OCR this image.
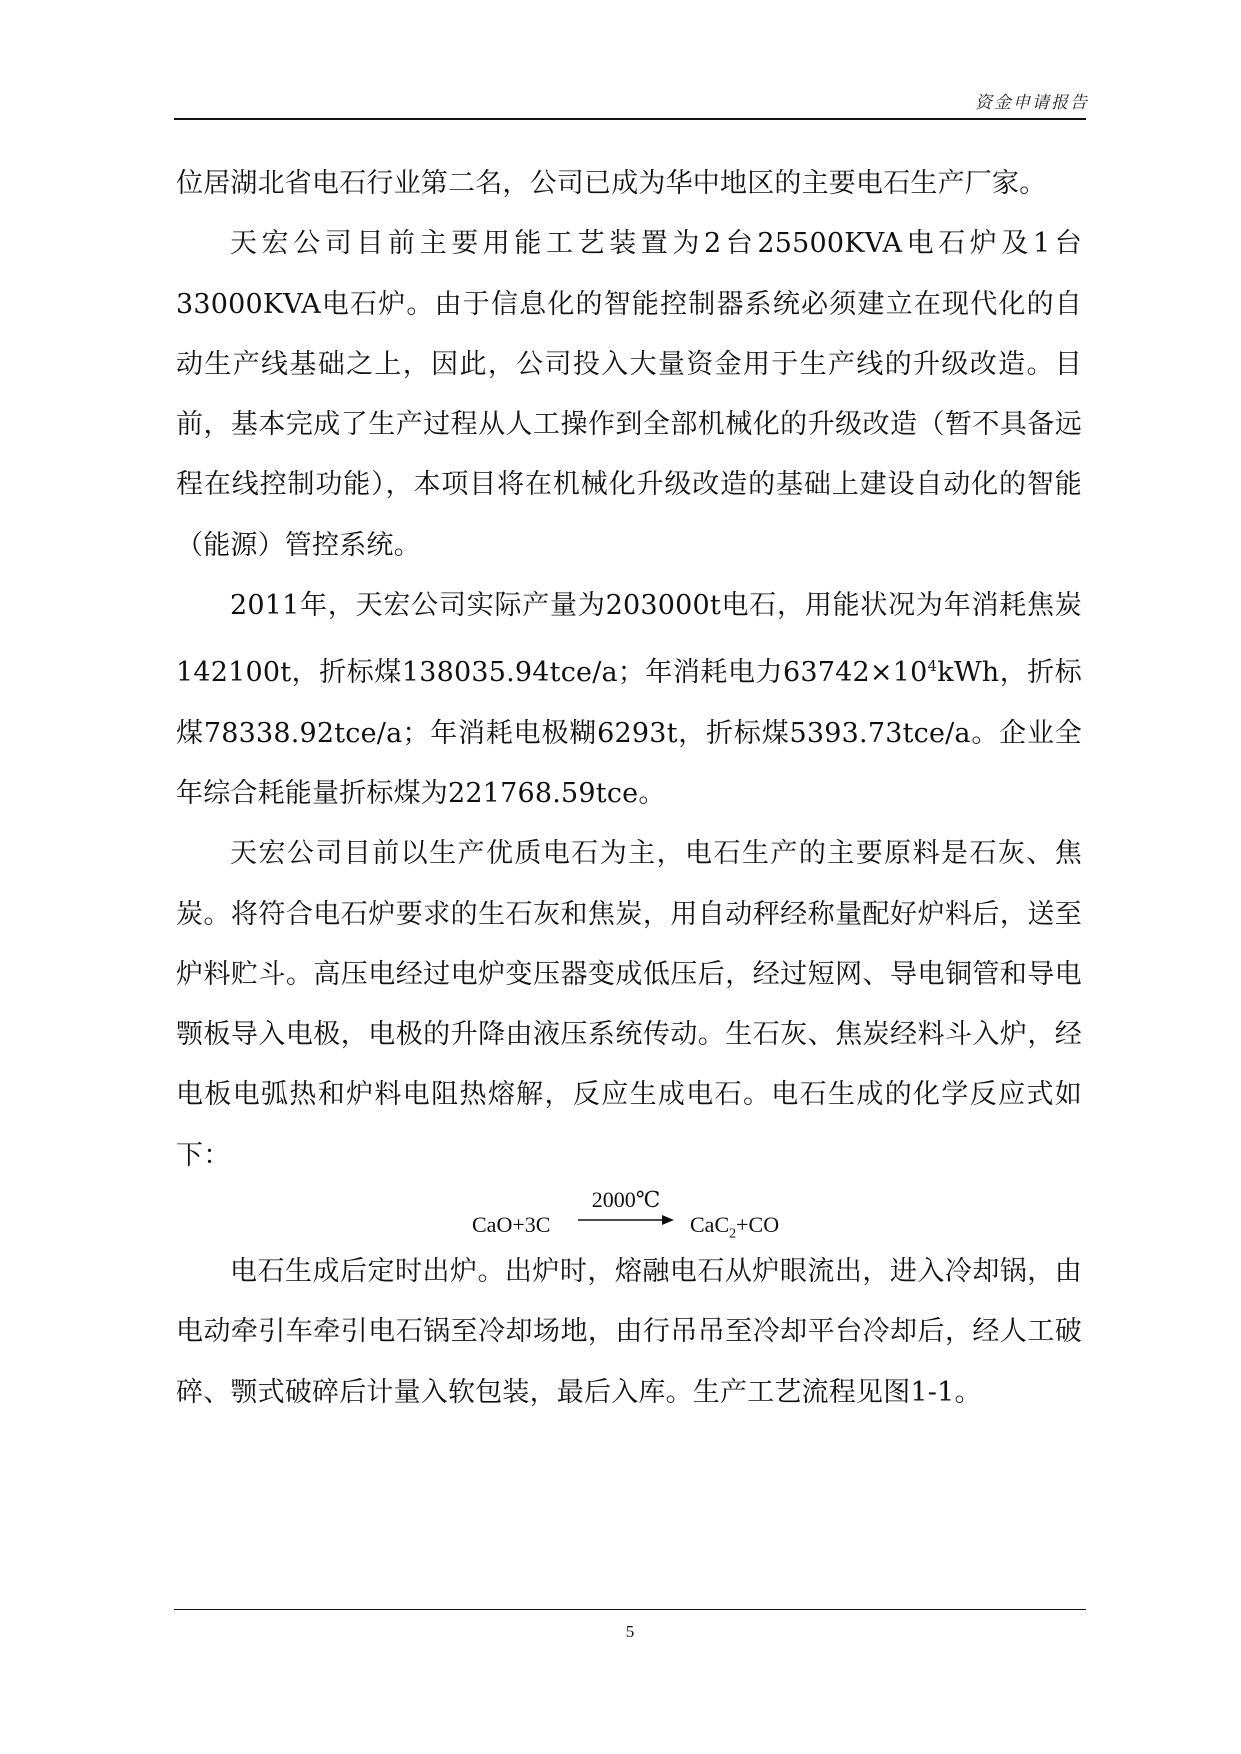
资金申请报告

位居湖北省电石行业第二名，公司已成为华中地区的主要电石生产厂家。

天宏公司目前主要用能工艺装置为2台25500KVA电石炉及1台33000KVA电石炉。由于信息化的智能控制器系统必须建立在现代化的自动生产线基础之上，因此，公司投入大量资金用于生产线的升级改造。目前，基本完成了生产过程从人工操作到全部机械化的升级改造（暂不具备远程在线控制功能），本项目将在机械化升级改造的基础上建设自动化的智能（能源）管控系统。

2011年，天宏公司实际产量为203000t电石，用能状况为年消耗焦炭142100t，折标煤138035.94tce/a；年消耗电力$63742\times 10^4kWh$，折标煤78338.92tce/a；年消耗电极糊6293t，折标煤5393.73tce/a。企业全年综合耗能量折标煤为221768.59tce。

天宏公司目前以生产优质电石为主，电石生产的主要原料是石灰、焦炭。将符合电石炉要求的生石灰和焦炭，用自动秤经称量配好炉料后，送至炉料贮斗。高压电经过电炉变压器变成低压后，经过短网、导电铜管和导电颚板导入电极，电极的升降由液压系统传动。生石灰、焦炭经料斗入炉，经电板电弧热和炉料电阻热熔解，反应生成电石。电石生成的化学反应式如下：

CaO+3C
2000℃
CaC$_2$+CO

电石生成后定时出炉。出炉时，熔融电石从炉眼流出，进入冷却锅，由电动牵引车牵引电石锅至冷却场地，由行吊吊至冷却平台冷却后，经人工破碎、颚式破碎后计量入软包装，最后入库。生产工艺流程见图1-1。

5
